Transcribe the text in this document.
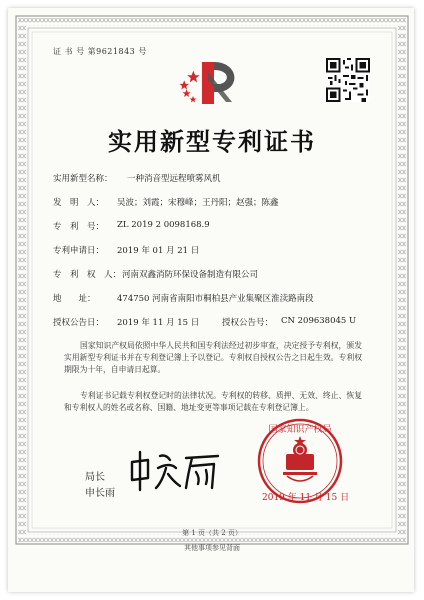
证 书 号 第9621843 号
实用新型专利证书
实用新型名称： 一种消音型远程喷雾风机
发　明　人： 吴波；刘霞；宋穆峰；王丹阳；赵强；陈鑫
专　利　号： ZL 2019 2 0098168.9
专利申请日： 2019 年 01 月 21 日
专　利　权　人： 河南双鑫消防环保设备制造有限公司
地　　址：	474750 河南省南阳市桐柏县产业集聚区淮渎路南段
授权公告日： 2019 年 11 月 15 日	授权公告号： CN 209638045 U
国家知识产权局依照中华人民共和国专利法经过初步审查，决定授予专利权，颁发实用新型专利证书并在专利登记簿上予以登记。专利权自授权公告之日起生效。专利权期限为十年，自申请日起算。
专利证书记载专利权登记时的法律状况。专利权的转移、质押、无效、终止、恢复和专利权人的姓名或名称、国籍、地址变更等事项记载在专利登记簿上。
局长
申长雨
国家知识产权局
2019 年 11 月 15 日
第 1 页（共 2 页）
其他事项参见背面
